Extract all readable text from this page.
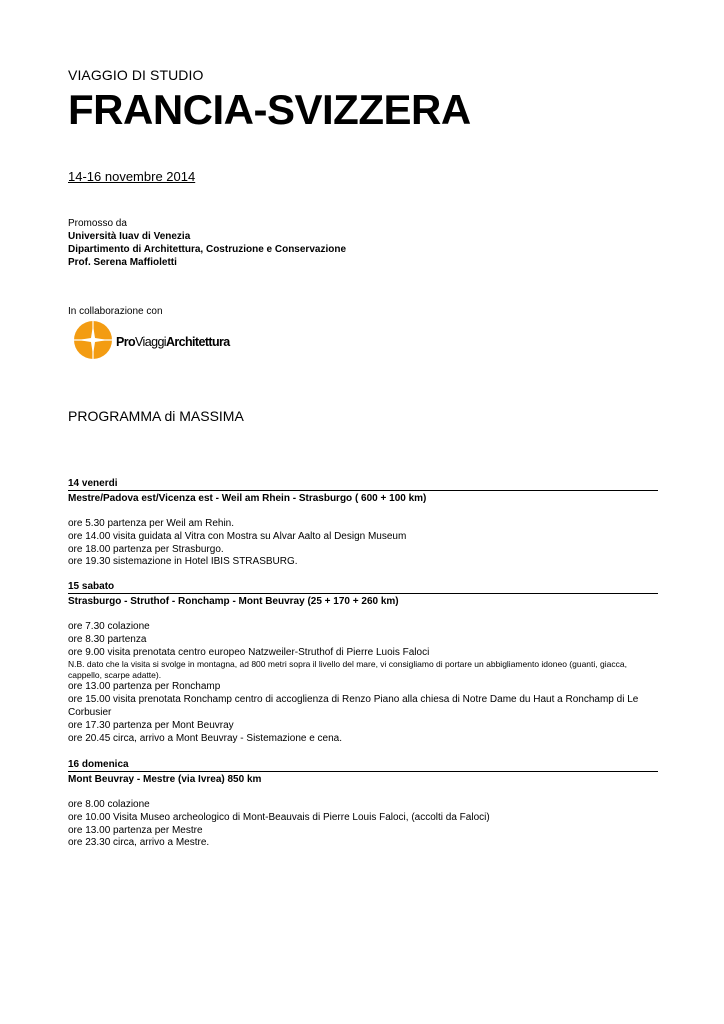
VIAGGIO DI STUDIO
FRANCIA-SVIZZERA
14-16 novembre 2014
Promosso da
Università Iuav di Venezia
Dipartimento di Architettura, Costruzione e Conservazione
Prof. Serena Maffioletti
In collaborazione con
ProViaggiArchitettura
PROGRAMMA di MASSIMA
14 venerdi
Mestre/Padova est/Vicenza est - Weil am Rhein - Strasburgo ( 600 + 100 km)
ore 5.30 partenza per Weil am Rehin.
ore 14.00 visita guidata al Vitra con Mostra su Alvar Aalto al Design Museum
ore 18.00 partenza per Strasburgo.
ore 19.30 sistemazione in Hotel IBIS STRASBURG.
15 sabato
Strasburgo - Struthof - Ronchamp - Mont Beuvray (25 + 170 + 260 km)
ore 7.30 colazione
ore 8.30 partenza
ore 9.00 visita prenotata centro europeo Natzweiler-Struthof di Pierre Luois Faloci
N.B. dato che la visita si svolge in montagna, ad 800 metri sopra il livello del mare, vi consigliamo di portare un abbigliamento idoneo (guanti, giacca, cappello, scarpe adatte).
ore 13.00 partenza per Ronchamp
ore 15.00 visita prenotata Ronchamp centro di accoglienza di Renzo Piano alla chiesa di Notre Dame du Haut a Ronchamp di Le Corbusier
ore 17.30 partenza per Mont Beuvray
ore 20.45 circa, arrivo a Mont Beuvray - Sistemazione e cena.
16 domenica
Mont Beuvray - Mestre (via Ivrea) 850 km
ore 8.00 colazione
ore 10.00 Visita Museo archeologico di Mont-Beauvais di Pierre Louis Faloci, (accolti da Faloci)
ore 13.00 partenza per Mestre
ore 23.30 circa, arrivo a Mestre.
